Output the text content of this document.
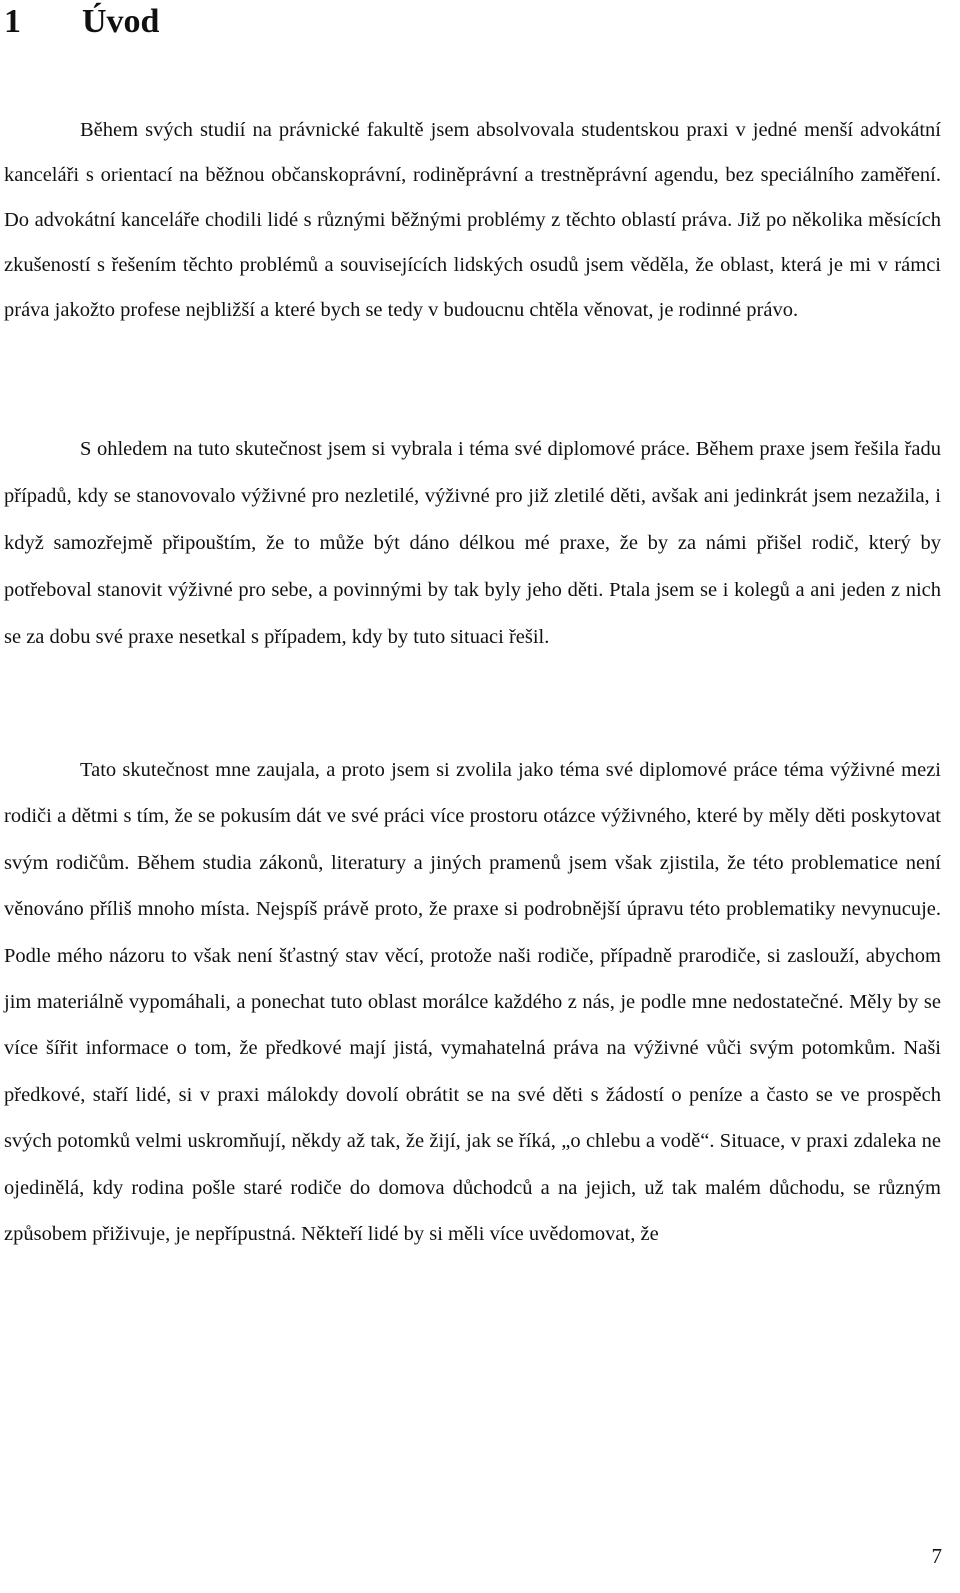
1 Úvod

Během svých studií na právnické fakultě jsem absolvovala studentskou praxi v jedné menší advokátní kanceláři s orientací na běžnou občanskoprávní, rodiněprávní a trestněprávní agendu, bez speciálního zaměření. Do advokátní kanceláře chodili lidé s různými běžnými problémy z těchto oblastí práva. Již po několika měsících zkušeností s řešením těchto problémů a souvisejících lidských osudů jsem věděla, že oblast, která je mi v rámci práva jakožto profese nejbližší a které bych se tedy v budoucnu chtěla věnovat, je rodinné právo.

S ohledem na tuto skutečnost jsem si vybrala i téma své diplomové práce. Během praxe jsem řešila řadu případů, kdy se stanovovalo výživné pro nezletilé, výživné pro již zletilé děti, avšak ani jedinkrát jsem nezažila, i když samozřejmě připouštím, že to může být dáno délkou mé praxe, že by za námi přišel rodič, který by potřeboval stanovit výživné pro sebe, a povinnými by tak byly jeho děti. Ptala jsem se i kolegů a ani jeden z nich se za dobu své praxe nesetkal s případem, kdy by tuto situaci řešil.

Tato skutečnost mne zaujala, a proto jsem si zvolila jako téma své diplomové práce téma výživné mezi rodiči a dětmi s tím, že se pokusím dát ve své práci více prostoru otázce výživného, které by měly děti poskytovat svým rodičům. Během studia zákonů, literatury a jiných pramenů jsem však zjistila, že této problematice není věnováno příliš mnoho místa. Nejspíš právě proto, že praxe si podrobnější úpravu této problematiky nevynucuje. Podle mého názoru to však není šťastný stav věcí, protože naši rodiče, případně prarodiče, si zaslouží, abychom jim materiálně vypomáhali, a ponechat tuto oblast morálce každého z nás, je podle mne nedostatečné. Měly by se více šířit informace o tom, že předkové mají jistá, vymahatelná práva na výživné vůči svým potomkům. Naši předkové, staří lidé, si v praxi málokdy dovolí obrátit se na své děti s žádostí o peníze a často se ve prospěch svých potomků velmi uskromňují, někdy až tak, že žijí, jak se říká, „o chlebu a vodě“. Situace, v praxi zdaleka ne ojedinělá, kdy rodina pošle staré rodiče do domova důchodců a na jejich, už tak malém důchodu, se různým způsobem přiživuje, je nepřípustná. Někteří lidé by si měli více uvědomovat, že

7
